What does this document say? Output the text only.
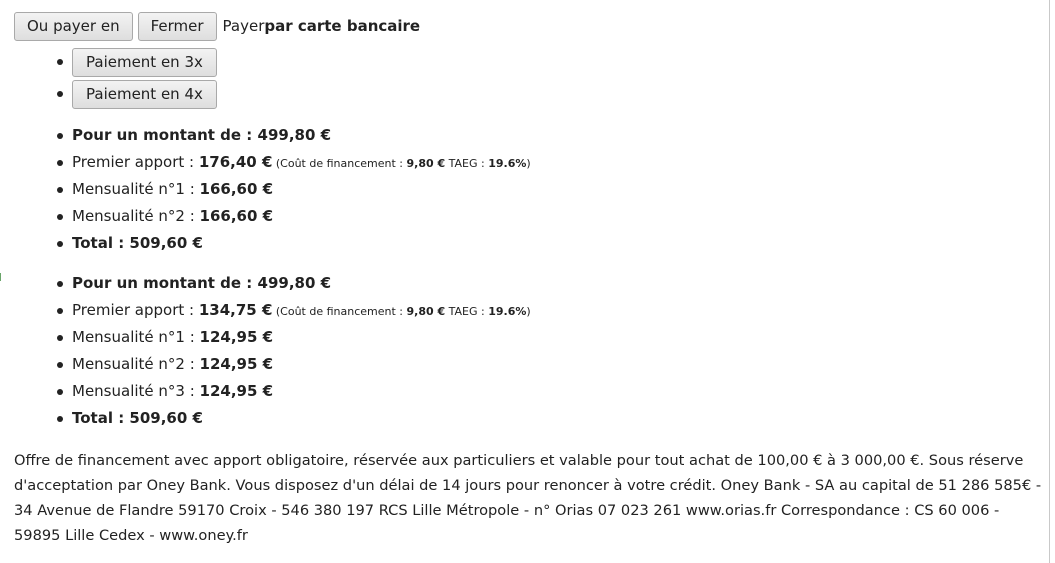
Ou payer en	Fermer	Payerpar carte bancaire
Paiement en 3x
Paiement en 4x
Pour un montant de : 499,80 €
Premier apport : 176,40 € (Coût de financement : 9,80 € TAEG : 19.6%)
Mensualité n°1 : 166,60 €
Mensualité n°2 : 166,60 €
Total : 509,60 €
Pour un montant de : 499,80 €
Premier apport : 134,75 € (Coût de financement : 9,80 € TAEG : 19.6%)
Mensualité n°1 : 124,95 €
Mensualité n°2 : 124,95 €
Mensualité n°3 : 124,95 €
Total : 509,60 €
Offre de financement avec apport obligatoire, réservée aux particuliers et valable pour tout achat de 100,00 € à 3 000,00 €. Sous réserve d'acceptation par Oney Bank. Vous disposez d'un délai de 14 jours pour renoncer à votre crédit. Oney Bank - SA au capital de 51 286 585€ - 34 Avenue de Flandre 59170 Croix - 546 380 197 RCS Lille Métropole - n° Orias 07 023 261 www.orias.fr Correspondance : CS 60 006 - 59895 Lille Cedex - www.oney.fr
